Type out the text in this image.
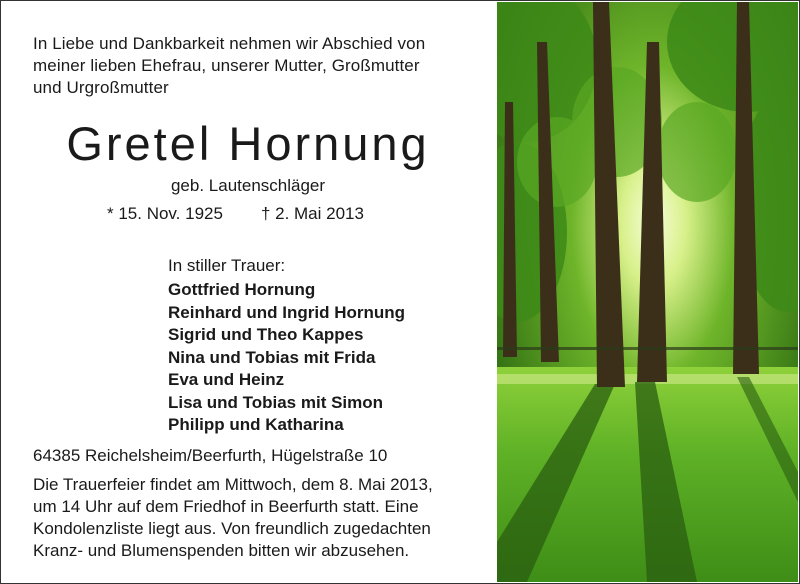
In Liebe und Dankbarkeit nehmen wir Abschied von
meiner lieben Ehefrau, unserer Mutter, Großmutter
und Urgroßmutter
Gretel Hornung
geb. Lautenschläger
* 15. Nov. 1925 † 2. Mai 2013
In stiller Trauer:
Gottfried Hornung
Reinhard und Ingrid Hornung
Sigrid und Theo Kappes
Nina und Tobias mit Frida
Eva und Heinz
Lisa und Tobias mit Simon
Philipp und Katharina
64385 Reichelsheim/Beerfurth, Hügelstraße 10
Die Trauerfeier findet am Mittwoch, dem 8. Mai 2013,
um 14 Uhr auf dem Friedhof in Beerfurth statt. Eine
Kondolenzliste liegt aus. Von freundlich zugedachten
Kranz- und Blumenspenden bitten wir abzusehen.
